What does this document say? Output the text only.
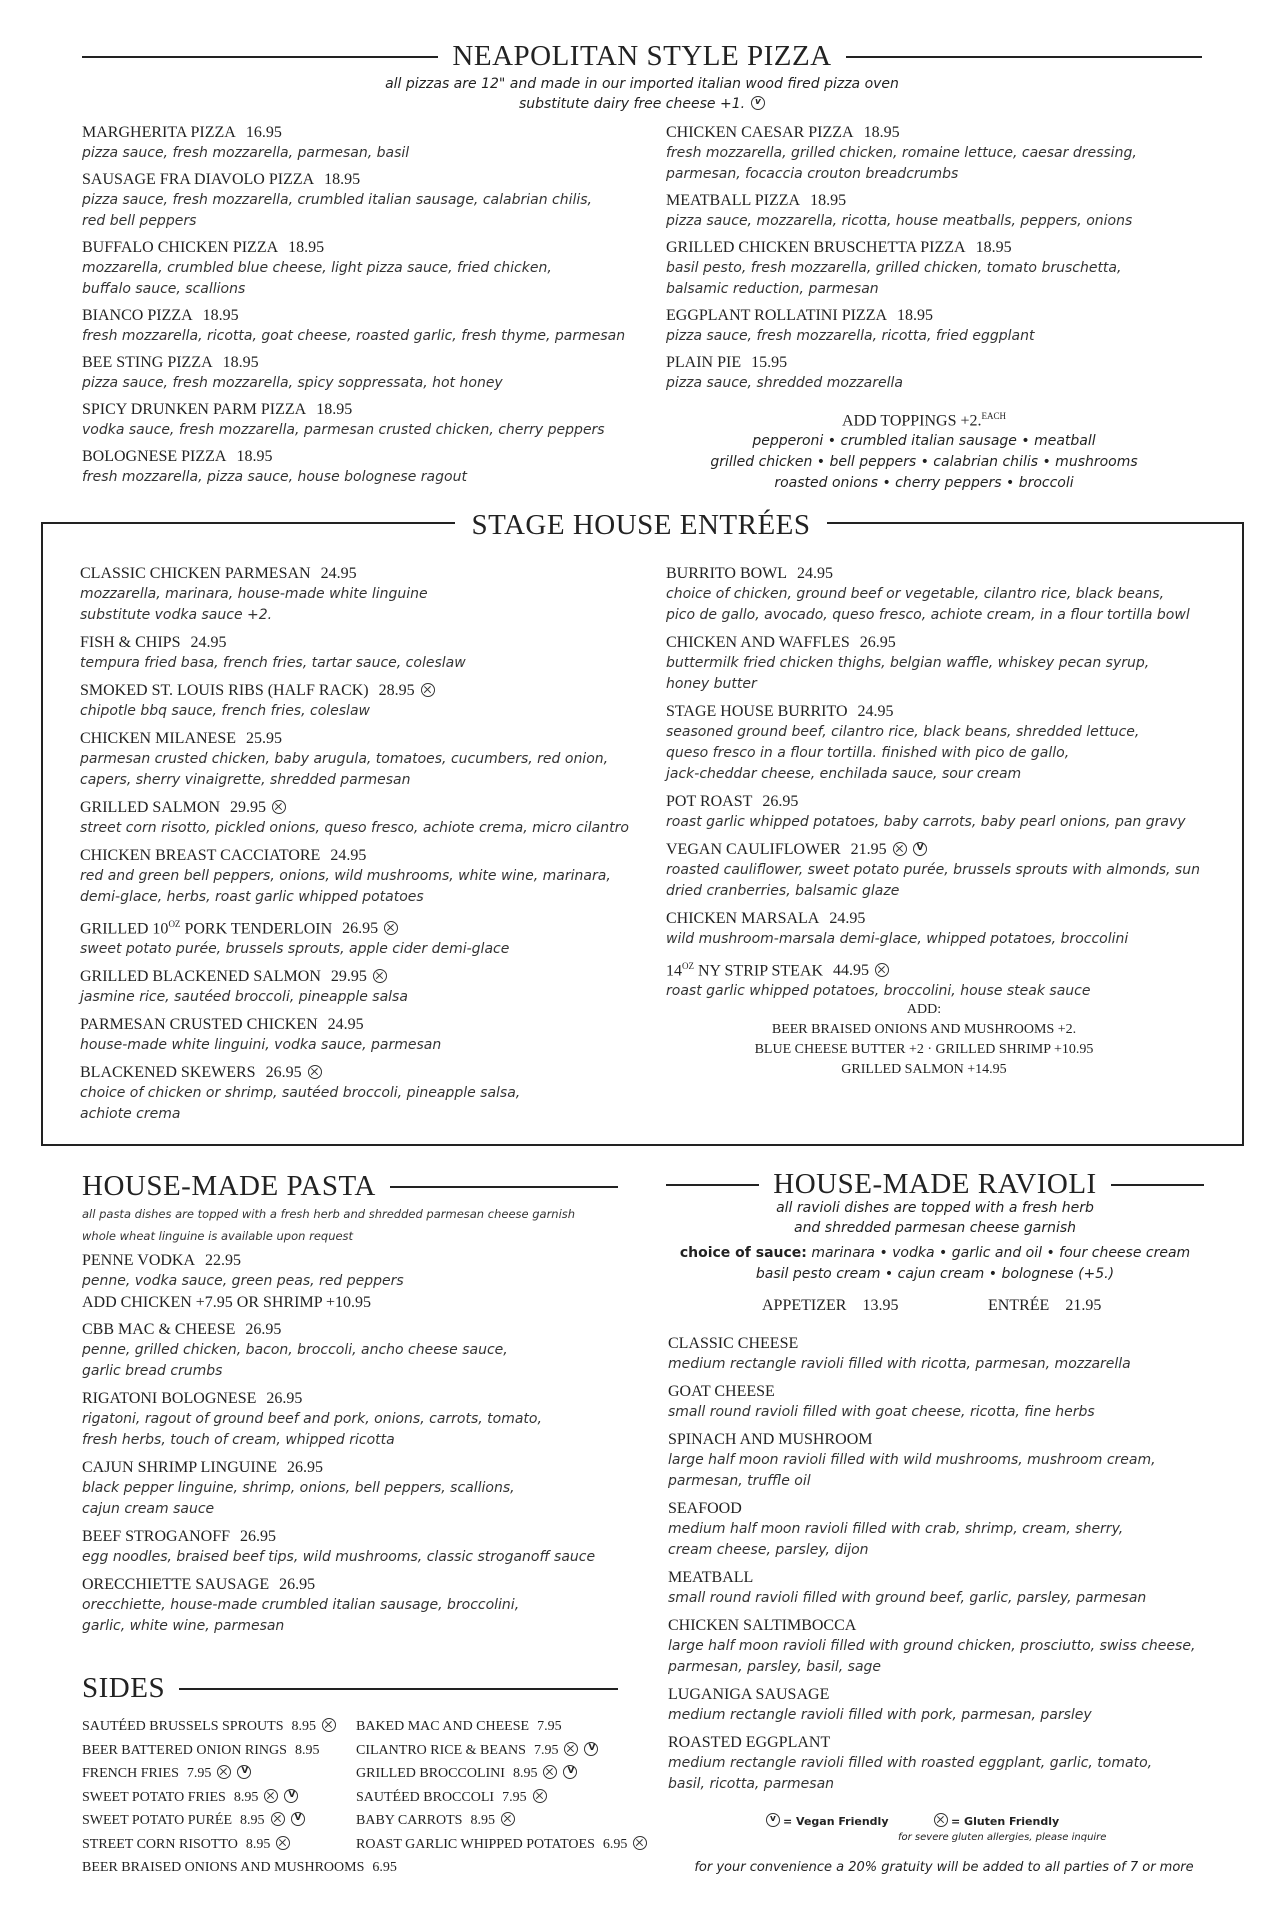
NEAPOLITAN STYLE PIZZA
all pizzas are 12" and made in our imported italian wood fired pizza oven
substitute dairy free cheese +1.v
MARGHERITA PIZZA 16.95
pizza sauce, fresh mozzarella, parmesan, basil
SAUSAGE FRA DIAVOLO PIZZA 18.95
pizza sauce, fresh mozzarella, crumbled italian sausage, calabrian chilis,
red bell peppers
BUFFALO CHICKEN PIZZA 18.95
mozzarella, crumbled blue cheese, light pizza sauce, fried chicken,
buffalo sauce, scallions
BIANCO PIZZA 18.95
fresh mozzarella, ricotta, goat cheese, roasted garlic, fresh thyme, parmesan
BEE STING PIZZA 18.95
pizza sauce, fresh mozzarella, spicy soppressata, hot honey
SPICY DRUNKEN PARM PIZZA 18.95
vodka sauce, fresh mozzarella, parmesan crusted chicken, cherry peppers
BOLOGNESE PIZZA 18.95
fresh mozzarella, pizza sauce, house bolognese ragout
CHICKEN CAESAR PIZZA 18.95
fresh mozzarella, grilled chicken, romaine lettuce, caesar dressing,
parmesan, focaccia crouton breadcrumbs
MEATBALL PIZZA 18.95
pizza sauce, mozzarella, ricotta, house meatballs, peppers, onions
GRILLED CHICKEN BRUSCHETTA PIZZA 18.95
basil pesto, fresh mozzarella, grilled chicken, tomato bruschetta,
balsamic reduction, parmesan
EGGPLANT ROLLATINI PIZZA 18.95
pizza sauce, fresh mozzarella, ricotta, fried eggplant
PLAIN PIE 15.95
pizza sauce, shredded mozzarella
ADD TOPPINGS +2.$^{EACH}$
pepperoni • crumbled italian sausage • meatball
grilled chicken • bell peppers • calabrian chilis • mushrooms
roasted onions • cherry peppers • broccoli
STAGE HOUSE ENTRÉES
CLASSIC CHICKEN PARMESAN 24.95
mozzarella, marinara, house-made white linguine
substitute vodka sauce +2.
FISH & CHIPS 24.95
tempura fried basa, french fries, tartar sauce, coleslaw
SMOKED ST. LOUIS RIBS (HALF RACK) 28.95
chipotle bbq sauce, french fries, coleslaw
CHICKEN MILANESE 25.95
parmesan crusted chicken, baby arugula, tomatoes, cucumbers, red onion,
capers, sherry vinaigrette, shredded parmesan
GRILLED SALMON 29.95
street corn risotto, pickled onions, queso fresco, achiote crema, micro cilantro
CHICKEN BREAST CACCIATORE 24.95
red and green bell peppers, onions, wild mushrooms, white wine, marinara,
demi-glace, herbs, roast garlic whipped potatoes
GRILLED $10^{OZ}$ PORK TENDERLOIN 26.95
sweet potato purée, brussels sprouts, apple cider demi-glace
GRILLED BLACKENED SALMON 29.95
jasmine rice, sautéed broccoli, pineapple salsa
PARMESAN CRUSTED CHICKEN 24.95
house-made white linguini, vodka sauce, parmesan
BLACKENED SKEWERS 26.95
choice of chicken or shrimp, sautéed broccoli, pineapple salsa,
achiote crema
BURRITO BOWL 24.95
choice of chicken, ground beef or vegetable, cilantro rice, black beans,
pico de gallo, avocado, queso fresco, achiote cream, in a flour tortilla bowl
CHICKEN AND WAFFLES 26.95
buttermilk fried chicken thighs, belgian waffle, whiskey pecan syrup,
honey butter
STAGE HOUSE BURRITO 24.95
seasoned ground beef, cilantro rice, black beans, shredded lettuce,
queso fresco in a flour tortilla. finished with pico de gallo,
jack-cheddar cheese, enchilada sauce, sour cream
POT ROAST 26.95
roast garlic whipped potatoes, baby carrots, baby pearl onions, pan gravy
VEGAN CAULIFLOWER 21.95V
roasted cauliflower, sweet potato purée, brussels sprouts with almonds, sun
dried cranberries, balsamic glaze
CHICKEN MARSALA 24.95
wild mushroom-marsala demi-glace, whipped potatoes, broccolini
$14^{OZ}$ NY STRIP STEAK 44.95
roast garlic whipped potatoes, broccolini, house steak sauce
ADD:
BEER BRAISED ONIONS AND MUSHROOMS +2.
BLUE CHEESE BUTTER +2 · GRILLED SHRIMP +10.95
GRILLED SALMON +14.95
HOUSE-MADE PASTA
all pasta dishes are topped with a fresh herb and shredded parmesan cheese garnish
whole wheat linguine is available upon request
PENNE VODKA 22.95
penne, vodka sauce, green peas, red peppers
ADD CHICKEN +7.95 OR SHRIMP +10.95
CBB MAC & CHEESE 26.95
penne, grilled chicken, bacon, broccoli, ancho cheese sauce,
garlic bread crumbs
RIGATONI BOLOGNESE 26.95
rigatoni, ragout of ground beef and pork, onions, carrots, tomato,
fresh herbs, touch of cream, whipped ricotta
CAJUN SHRIMP LINGUINE 26.95
black pepper linguine, shrimp, onions, bell peppers, scallions,
cajun cream sauce
BEEF STROGANOFF 26.95
egg noodles, braised beef tips, wild mushrooms, classic stroganoff sauce
ORECCHIETTE SAUSAGE 26.95
orecchiette, house-made crumbled italian sausage, broccolini,
garlic, white wine, parmesan
HOUSE-MADE RAVIOLI
all ravioli dishes are topped with a fresh herb
and shredded parmesan cheese garnish
choice of sauce: marinara • vodka • garlic and oil • four cheese cream
basil pesto cream • cajun cream • bolognese (+5.)
APPETIZER 13.95	ENTRÉE 21.95
CLASSIC CHEESE
medium rectangle ravioli filled with ricotta, parmesan, mozzarella
GOAT CHEESE
small round ravioli filled with goat cheese, ricotta, fine herbs
SPINACH AND MUSHROOM
large half moon ravioli filled with wild mushrooms, mushroom cream,
parmesan, truffle oil
SEAFOOD
medium half moon ravioli filled with crab, shrimp, cream, sherry,
cream cheese, parsley, dijon
MEATBALL
small round ravioli filled with ground beef, garlic, parsley, parmesan
CHICKEN SALTIMBOCCA
large half moon ravioli filled with ground chicken, prosciutto, swiss cheese,
parmesan, parsley, basil, sage
LUGANIGA SAUSAGE
medium rectangle ravioli filled with pork, parmesan, parsley
ROASTED EGGPLANT
medium rectangle ravioli filled with roasted eggplant, garlic, tomato,
basil, ricotta, parmesan
SIDES
SAUTÉED BRUSSELS SPROUTS 8.95
BEER BATTERED ONION RINGS 8.95
FRENCH FRIES 7.95V
SWEET POTATO FRIES 8.95V
SWEET POTATO PURÉE 8.95V
STREET CORN RISOTTO 8.95
BEER BRAISED ONIONS AND MUSHROOMS 6.95
BAKED MAC AND CHEESE 7.95
CILANTRO RICE & BEANS 7.95V
GRILLED BROCCOLINI 8.95V
SAUTÉED BROCCOLI 7.95
BABY CARROTS 8.95
ROAST GARLIC WHIPPED POTATOES 6.95
v= Vegan Friendly	= Gluten Friendly
for severe gluten allergies, please inquire
for your convenience a 20% gratuity will be added to all parties of 7 or more
